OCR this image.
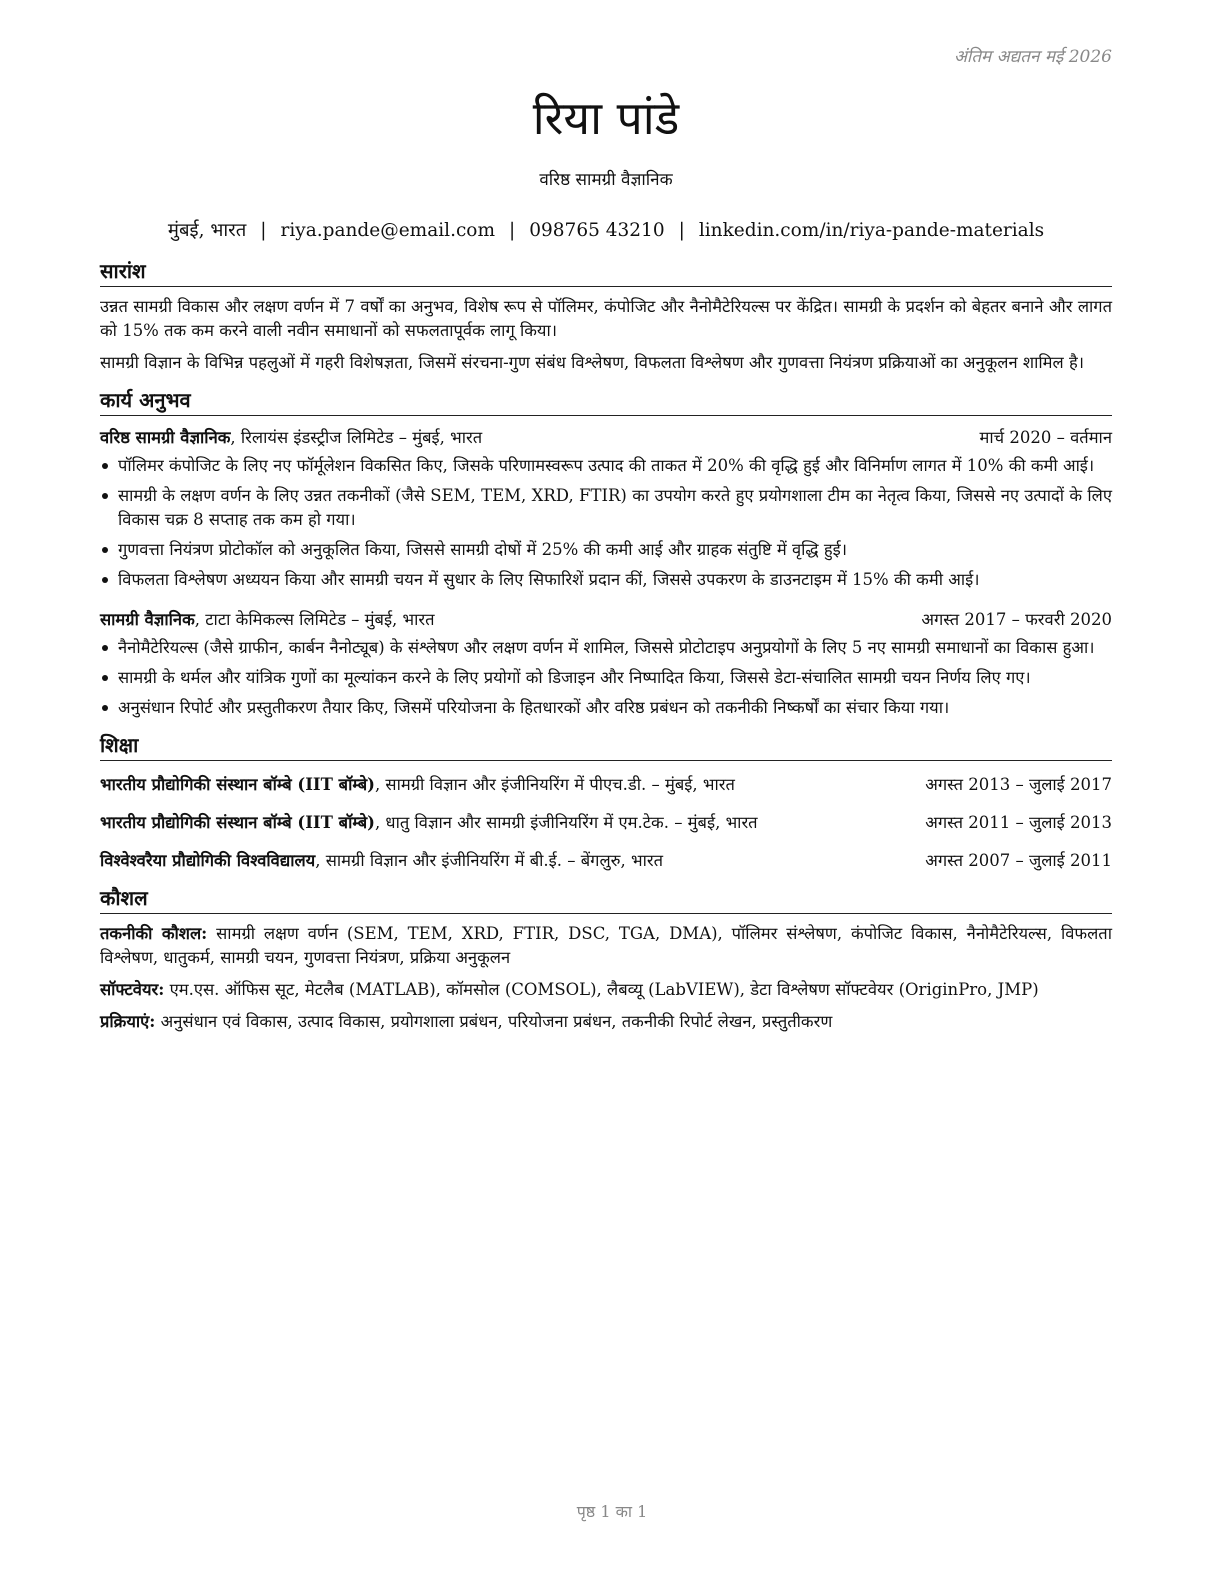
अंतिम अद्यतन मई 2026
रिया पांडे
वरिष्ठ सामग्री वैज्ञानिक
मुंबई, भारत | riya.pande@email.com | 098765 43210 | linkedin.com/in/riya-pande-materials
सारांश
उन्नत सामग्री विकास और लक्षण वर्णन में 7 वर्षों का अनुभव, विशेष रूप से पॉलिमर, कंपोजिट और नैनोमैटेरियल्स पर केंद्रित। सामग्री के प्रदर्शन को बेहतर बनाने और लागत को 15% तक कम करने वाली नवीन समाधानों को सफलतापूर्वक लागू किया।
सामग्री विज्ञान के विभिन्न पहलुओं में गहरी विशेषज्ञता, जिसमें संरचना-गुण संबंध विश्लेषण, विफलता विश्लेषण और गुणवत्ता नियंत्रण प्रक्रियाओं का अनुकूलन शामिल है।
कार्य अनुभव
वरिष्ठ सामग्री वैज्ञानिक, रिलायंस इंडस्ट्रीज लिमिटेड – मुंबई, भारत	मार्च 2020 – वर्तमान
पॉलिमर कंपोजिट के लिए नए फॉर्मूलेशन विकसित किए, जिसके परिणामस्वरूप उत्पाद की ताकत में 20% की वृद्धि हुई और विनिर्माण लागत में 10% की कमी आई।
सामग्री के लक्षण वर्णन के लिए उन्नत तकनीकों (जैसे SEM, TEM, XRD, FTIR) का उपयोग करते हुए प्रयोगशाला टीम का नेतृत्व किया, जिससे नए उत्पादों के लिए विकास चक्र 8 सप्ताह तक कम हो गया।
गुणवत्ता नियंत्रण प्रोटोकॉल को अनुकूलित किया, जिससे सामग्री दोषों में 25% की कमी आई और ग्राहक संतुष्टि में वृद्धि हुई।
विफलता विश्लेषण अध्ययन किया और सामग्री चयन में सुधार के लिए सिफारिशें प्रदान कीं, जिससे उपकरण के डाउनटाइम में 15% की कमी आई।
सामग्री वैज्ञानिक, टाटा केमिकल्स लिमिटेड – मुंबई, भारत	अगस्त 2017 – फरवरी 2020
नैनोमैटेरियल्स (जैसे ग्राफीन, कार्बन नैनोट्यूब) के संश्लेषण और लक्षण वर्णन में शामिल, जिससे प्रोटोटाइप अनुप्रयोगों के लिए 5 नए सामग्री समाधानों का विकास हुआ।
सामग्री के थर्मल और यांत्रिक गुणों का मूल्यांकन करने के लिए प्रयोगों को डिजाइन और निष्पादित किया, जिससे डेटा-संचालित सामग्री चयन निर्णय लिए गए।
अनुसंधान रिपोर्ट और प्रस्तुतीकरण तैयार किए, जिसमें परियोजना के हितधारकों और वरिष्ठ प्रबंधन को तकनीकी निष्कर्षों का संचार किया गया।
शिक्षा
भारतीय प्रौद्योगिकी संस्थान बॉम्बे (IIT बॉम्बे), सामग्री विज्ञान और इंजीनियरिंग में पीएच.डी. – मुंबई, भारत	अगस्त 2013 – जुलाई 2017
भारतीय प्रौद्योगिकी संस्थान बॉम्बे (IIT बॉम्बे), धातु विज्ञान और सामग्री इंजीनियरिंग में एम.टेक. – मुंबई, भारत	अगस्त 2011 – जुलाई 2013
विश्वेश्वरैया प्रौद्योगिकी विश्वविद्यालय, सामग्री विज्ञान और इंजीनियरिंग में बी.ई. – बेंगलुरु, भारत	अगस्त 2007 – जुलाई 2011
कौशल
तकनीकी कौशल: सामग्री लक्षण वर्णन (SEM, TEM, XRD, FTIR, DSC, TGA, DMA), पॉलिमर संश्लेषण, कंपोजिट विकास, नैनोमैटेरियल्स, विफलता विश्लेषण, धातुकर्म, सामग्री चयन, गुणवत्ता नियंत्रण, प्रक्रिया अनुकूलन
सॉफ्टवेयर: एम.एस. ऑफिस सूट, मेटलैब (MATLAB), कॉमसोल (COMSOL), लैबव्यू (LabVIEW), डेटा विश्लेषण सॉफ्टवेयर (OriginPro, JMP)
प्रक्रियाएं: अनुसंधान एवं विकास, उत्पाद विकास, प्रयोगशाला प्रबंधन, परियोजना प्रबंधन, तकनीकी रिपोर्ट लेखन, प्रस्तुतीकरण
पृष्ठ 1 का 1
